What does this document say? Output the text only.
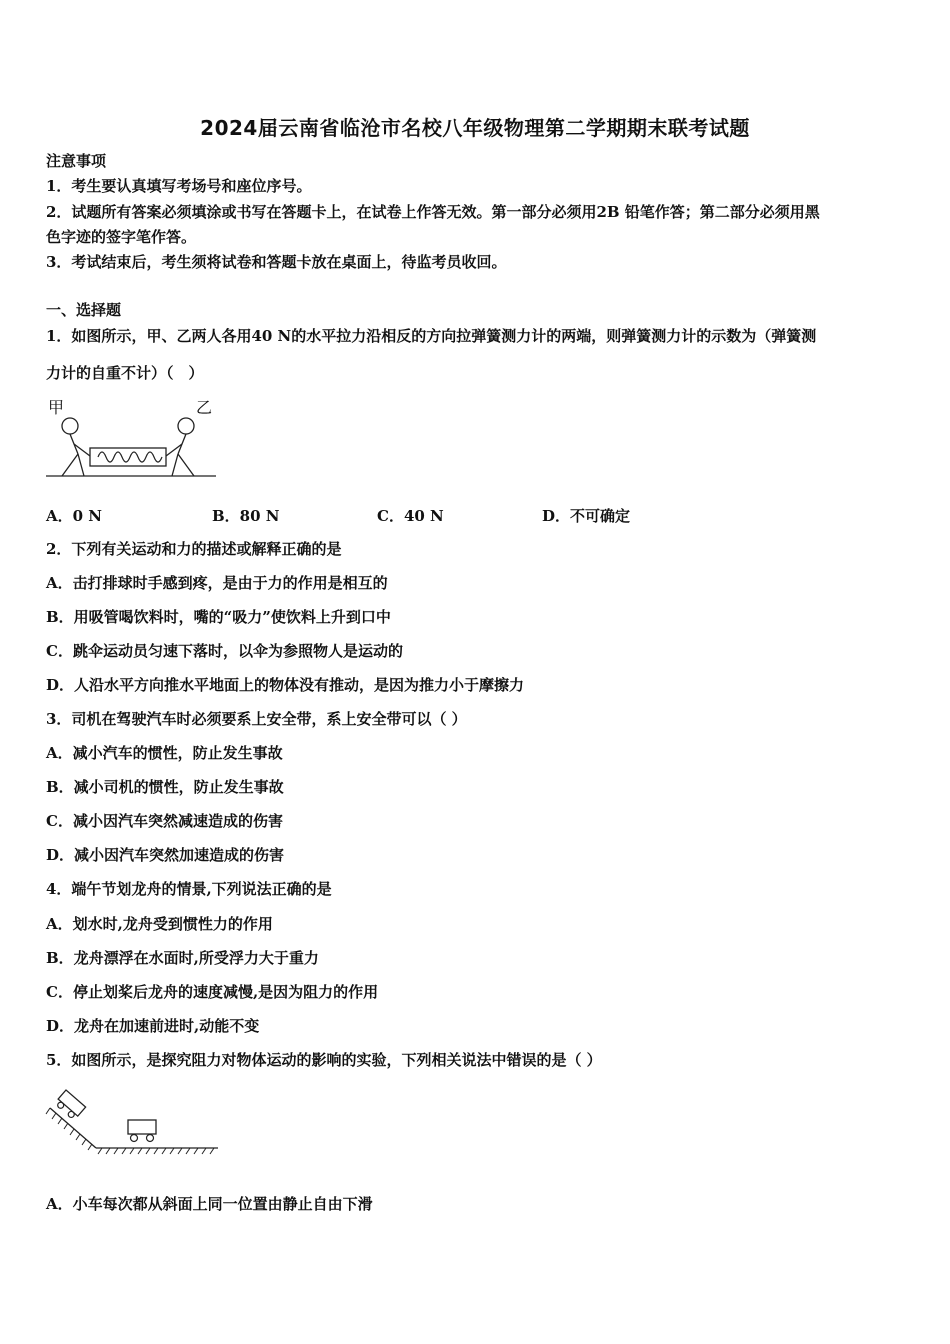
2024届云南省临沧市名校八年级物理第二学期期末联考试题
注意事项
1．考生要认真填写考场号和座位序号。
2．试题所有答案必须填涂或书写在答题卡上，在试卷上作答无效。第一部分必须用2B 铅笔作答；第二部分必须用黑
色字迹的签字笔作答。
3．考试结束后，考生须将试卷和答题卡放在桌面上，待监考员收回。
一、选择题
1．如图所示，甲、乙两人各用40 N的水平拉力沿相反的方向拉弹簧测力计的两端，则弹簧测力计的示数为（弹簧测
力计的自重不计）（　）
甲	乙
A．0 N	B．80 N	C．40 N	D．不可确定
2．下列有关运动和力的描述或解释正确的是
A．击打排球时手感到疼，是由于力的作用是相互的
B．用吸管喝饮料时，嘴的“吸力”使饮料上升到口中
C．跳伞运动员匀速下落时，以伞为参照物人是运动的
D．人沿水平方向推水平地面上的物体没有推动，是因为推力小于摩擦力
3．司机在驾驶汽车时必须要系上安全带，系上安全带可以（ ）
A．减小汽车的惯性，防止发生事故
B．减小司机的惯性，防止发生事故
C．减小因汽车突然减速造成的伤害
D．减小因汽车突然加速造成的伤害
4．端午节划龙舟的情景,下列说法正确的是
A．划水时,龙舟受到惯性力的作用
B．龙舟漂浮在水面时,所受浮力大于重力
C．停止划桨后龙舟的速度减慢,是因为阻力的作用
D．龙舟在加速前进时,动能不变
5．如图所示，是探究阻力对物体运动的影响的实验，下列相关说法中错误的是（ ）
A．小车每次都从斜面上同一位置由静止自由下滑
